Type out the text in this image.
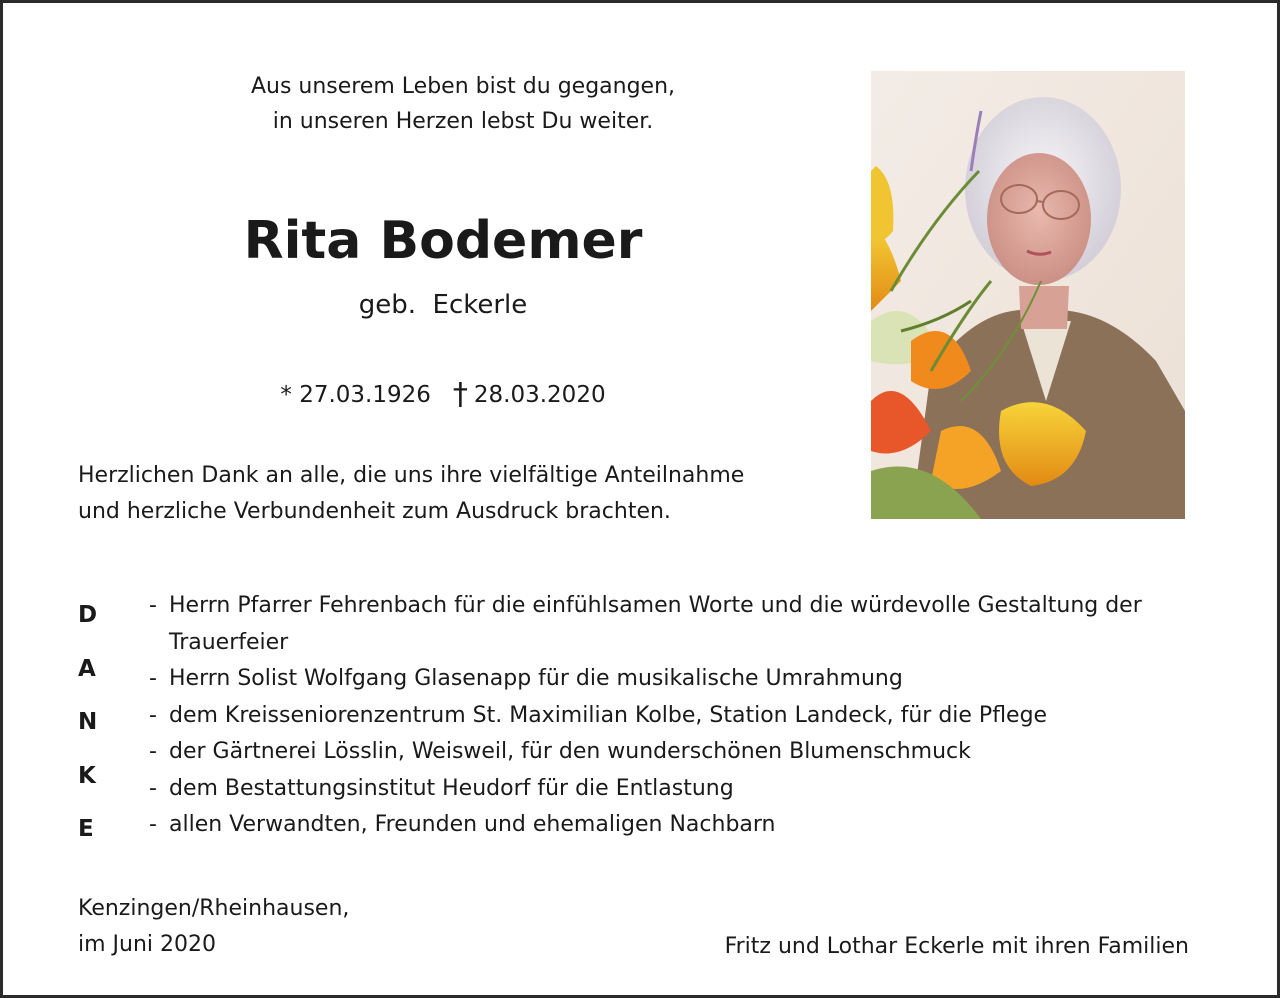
Aus unserem Leben bist du gegangen,
in unseren Herzen lebst Du weiter.
Rita Bodemer
geb.  Eckerle
* 27.03.1926 † 28.03.2020
Herzlichen Dank an alle, die uns ihre vielfältige Anteilnahme
und herzliche Verbundenheit zum Ausdruck brachten.
D
A
N
K
E
- Herrn Pfarrer Fehrenbach für die einfühlsamen Worte und die würdevolle Gestaltung der Trauerfeier
- Herrn Solist Wolfgang Glasenapp für die musikalische Umrahmung
- dem Kreisseniorenzentrum St. Maximilian Kolbe, Station Landeck, für die Pflege
- der Gärtnerei Lösslin, Weisweil, für den wunderschönen Blumenschmuck
- dem Bestattungsinstitut Heudorf für die Entlastung
- allen Verwandten, Freunden und ehemaligen Nachbarn
Kenzingen/Rheinhausen,
im Juni 2020	Fritz und Lothar Eckerle mit ihren Familien
